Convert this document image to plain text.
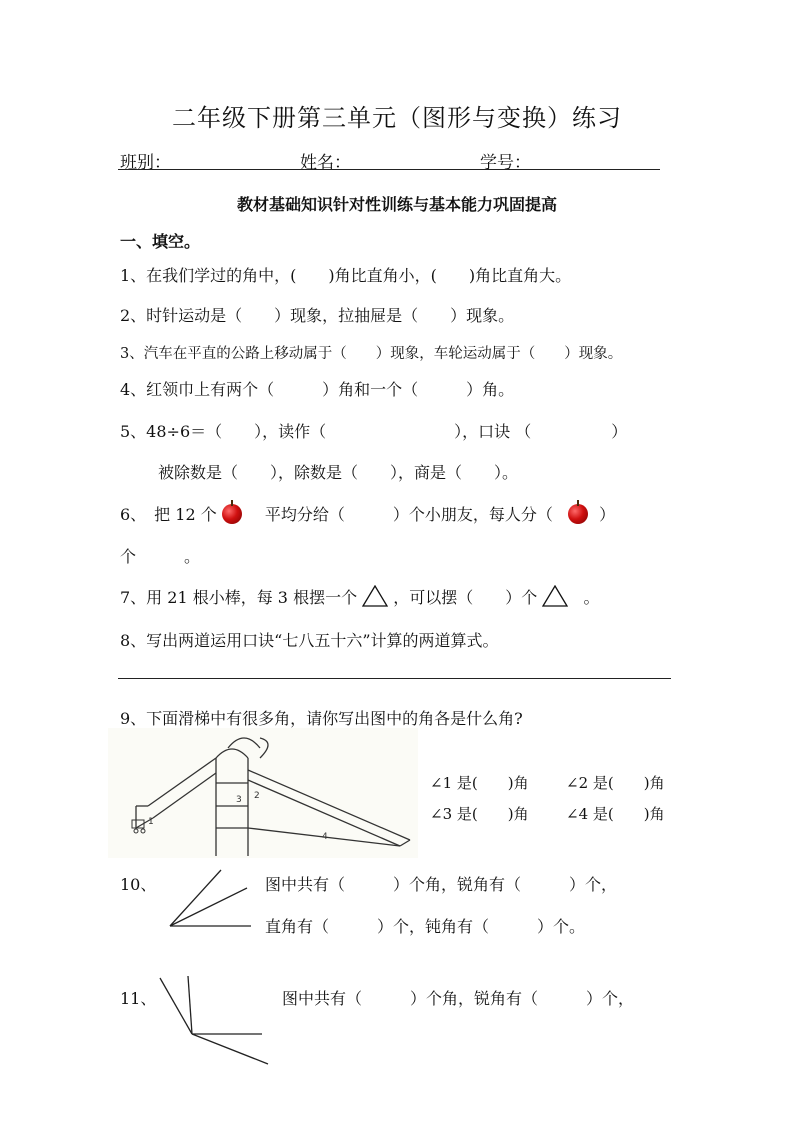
二年级下册第三单元（图形与变换）练习
班别：	姓名：	学号：
教材基础知识针对性训练与基本能力巩固提高
一、填空。
1、在我们学过的角中，(　　)角比直角小，(　　)角比直角大。
2、时针运动是（　　）现象，拉抽屉是（　　）现象。
3、汽车在平直的公路上移动属于（　　）现象，车轮运动属于（　　）现象。
4、红领巾上有两个（　　　）角和一个（　　　）角。
5、48÷6＝（　　），读作（　　　　　　　　），口诀 （　　　　　）
被除数是（　　），除数是（　　），商是（　　）。
6、　把 12 个	平均分给（　　　）个小朋友，每人分（	）
个　　　。
7、用 21 根小棒，每 3 根摆一个 ，可以摆（　　）个	。
8、写出两道运用口诀“七八五十六”计算的两道算式。
9、下面滑梯中有很多角，请你写出图中的角各是什么角?
1
2
3
4
∠1 是(　　)角 ∠2 是(　　)角
∠3 是(　　)角 ∠4 是(　　)角
10、	图中共有（　　　）个角，锐角有（　　　）个，
直角有（　　　）个，钝角有（　　　）个。
11、	图中共有（　　　）个角，锐角有（　　　）个，
